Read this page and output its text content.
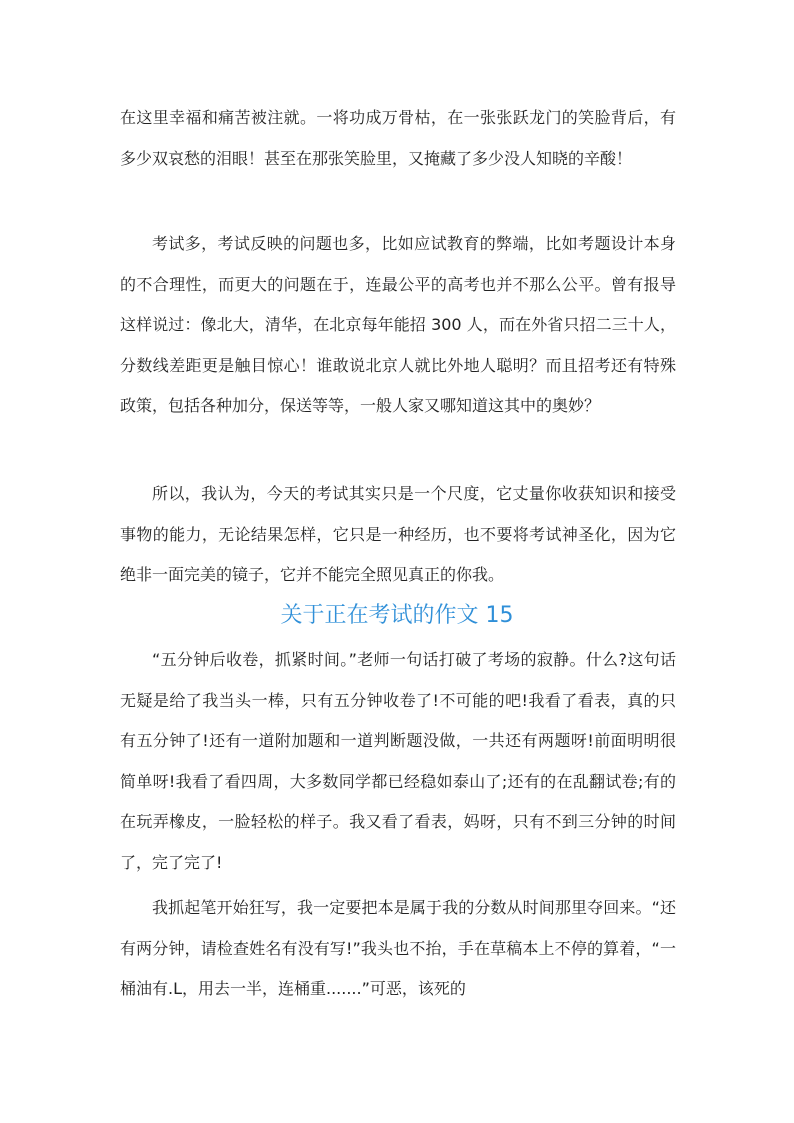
在这里幸福和痛苦被注就。一将功成万骨枯，在一张张跃龙门的笑脸背后，有多少双哀愁的泪眼！甚至在那张笑脸里，又掩藏了多少没人知晓的辛酸！

考试多，考试反映的问题也多，比如应试教育的弊端，比如考题设计本身的不合理性，而更大的问题在于，连最公平的高考也并不那么公平。曾有报导这样说过：像北大，清华，在北京每年能招 300 人，而在外省只招二三十人，分数线差距更是触目惊心！谁敢说北京人就比外地人聪明？而且招考还有特殊政策，包括各种加分，保送等等，一般人家又哪知道这其中的奥妙？

所以，我认为，今天的考试其实只是一个尺度，它丈量你收获知识和接受事物的能力，无论结果怎样，它只是一种经历，也不要将考试神圣化，因为它绝非一面完美的镜子，它并不能完全照见真正的你我。

关于正在考试的作文 15

“五分钟后收卷，抓紧时间。”老师一句话打破了考场的寂静。什么?这句话无疑是给了我当头一棒，只有五分钟收卷了!不可能的吧!我看了看表，真的只有五分钟了!还有一道附加题和一道判断题没做，一共还有两题呀!前面明明很简单呀!我看了看四周，大多数同学都已经稳如泰山了;还有的在乱翻试卷;有的在玩弄橡皮，一脸轻松的样子。我又看了看表，妈呀，只有不到三分钟的时间了，完了完了!

我抓起笔开始狂写，我一定要把本是属于我的分数从时间那里夺回来。“还有两分钟，请检查姓名有没有写!”我头也不抬，手在草稿本上不停的算着，“一桶油有.L，用去一半，连桶重.......”可恶，该死的
